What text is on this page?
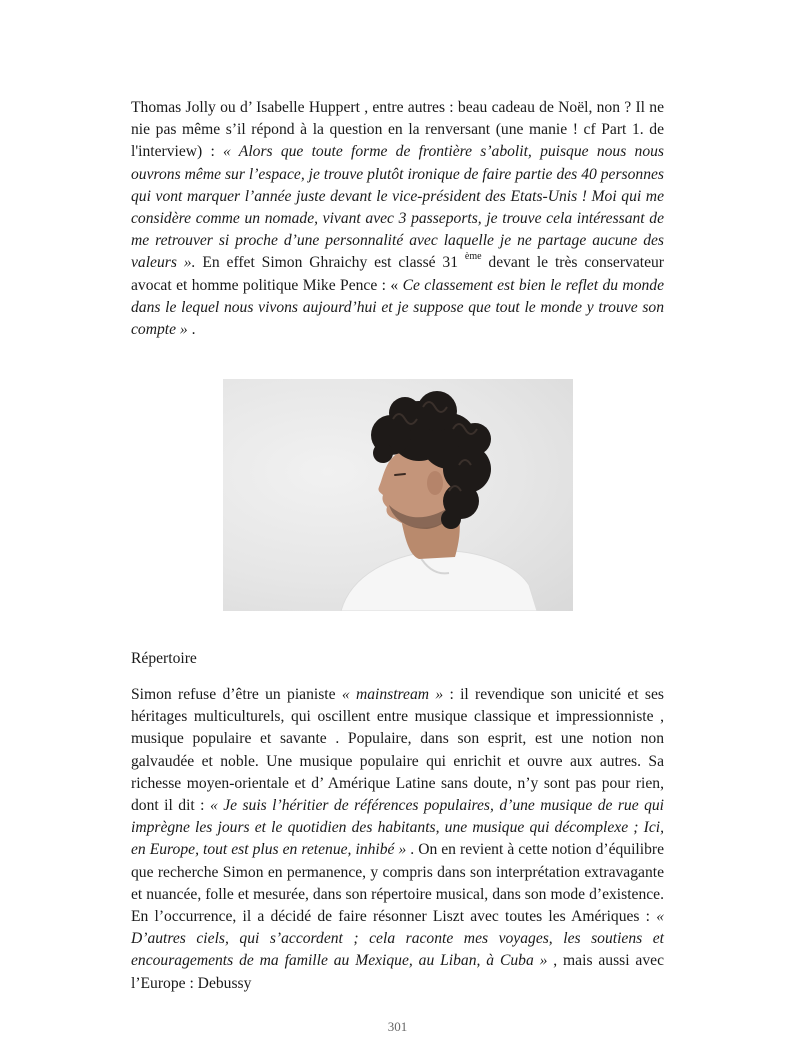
Thomas Jolly ou d’ Isabelle Huppert , entre autres : beau cadeau de Noël, non ? Il ne nie pas même s’il répond à la question en la renversant (une manie ! cf Part 1. de l'interview) : « Alors que toute forme de frontière s’abolit, puisque nous nous ouvrons même sur l’espace, je trouve plutôt ironique de faire partie des 40 personnes qui vont marquer l’année juste devant le vice-président des Etats-Unis ! Moi qui me considère comme un nomade, vivant avec 3 passeports, je trouve cela intéressant de me retrouver si proche d’une personnalité avec laquelle je ne partage aucune des valeurs ». En effet Simon Ghraichy est classé 31 $^{ème}$ devant le très conservateur avocat et homme politique Mike Pence : « Ce classement est bien le reflet du monde dans le lequel nous vivons aujourd’hui et je suppose que tout le monde y trouve son compte » .

Répertoire

Simon refuse d’être un pianiste « mainstream » : il revendique son unicité et ses héritages multiculturels, qui oscillent entre musique classique et impressionniste , musique populaire et savante . Populaire, dans son esprit, est une notion non galvaudée et noble. Une musique populaire qui enrichit et ouvre aux autres. Sa richesse moyen-orientale et d’ Amérique Latine sans doute, n’y sont pas pour rien, dont il dit : « Je suis l’héritier de références populaires, d’une musique de rue qui imprègne les jours et le quotidien des habitants, une musique qui décomplexe ; Ici, en Europe, tout est plus en retenue, inhibé » . On en revient à cette notion d’équilibre que recherche Simon en permanence, y compris dans son interprétation extravagante et nuancée, folle et mesurée, dans son répertoire musical, dans son mode d’existence. En l’occurrence, il a décidé de faire résonner Liszt avec toutes les Amériques : « D’autres ciels, qui s’accordent ; cela raconte mes voyages, les soutiens et encouragements de ma famille au Mexique, au Liban, à Cuba » , mais aussi avec l’Europe : Debussy

301
